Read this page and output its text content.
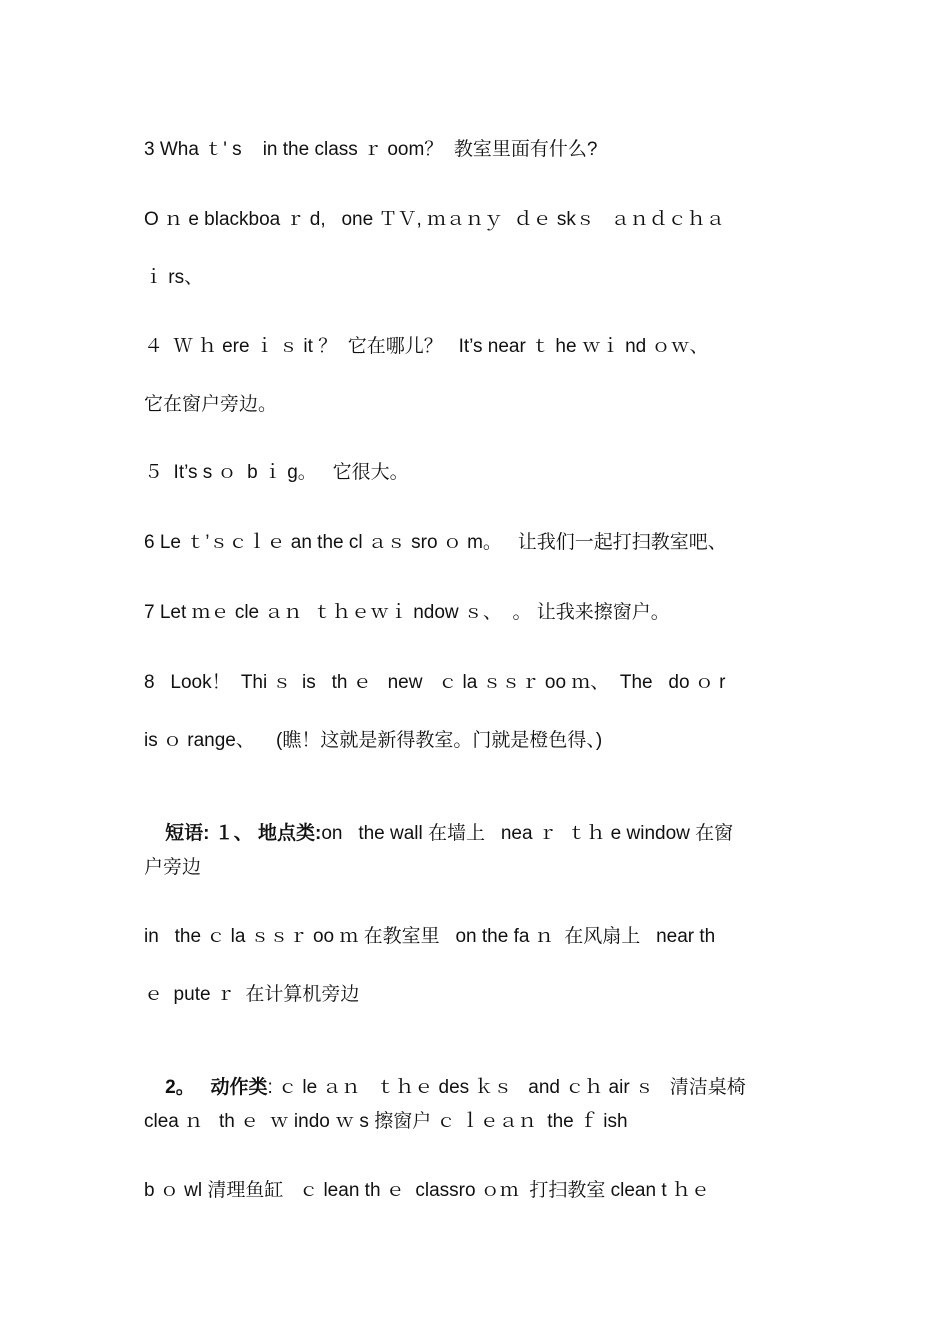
3 Wha ｔ' s    in the class ｒ oom？  教室里面有什么?
O ｎ e blackboa ｒ d,   one ＴＶ, ｍａｎｙ  ｄｅ skｓ   ａｎｄｃｈａ
ｉ rs、
４  Ｗ ｈ ere ｉ ｓ it ？  它在哪儿？   It’s near ｔ he ｗｉ nd ｏｗ、
它在窗户旁边。
５  It’s s ｏ  b ｉ g。   它很大。
6 Le ｔ’ｓｃｌｅ an the cl ａｓ sro ｏ m。   让我们一起打扫教室吧、
7 Let ｍｅ cle ａｎ  ｔｈｅｗｉ ndow ｓ、  。 让我来擦窗户。
8   Look！  Thi ｓ  is   th ｅ   new   ｃ la ｓｓｒ oo ｍ、  The   do ｏ r
is ｏ range、    (瞧！这就是新得教室。门就是橙色得、)

短语: １、 地点类:on   the wall 在墙上   nea ｒ  ｔｈ e window 在窗

户旁边
in   the ｃ la ｓｓｒ oo ｍ 在教室里   on the fa ｎ  在风扇上   near th
ｅ  pute ｒ  在计算机旁边

2。   动作类: ｃ le ａｎ   ｔｈｅ des ｋｓ   and ｃｈ air ｓ   清洁桌椅

clea ｎ   th ｅ  ｗ indo ｗ s 擦窗户 ｃ ｌｅａｎ  the ｆ ish
b ｏ wl 清理鱼缸   ｃ lean th ｅ  classro ｏｍ  打扫教室 clean t ｈｅ
